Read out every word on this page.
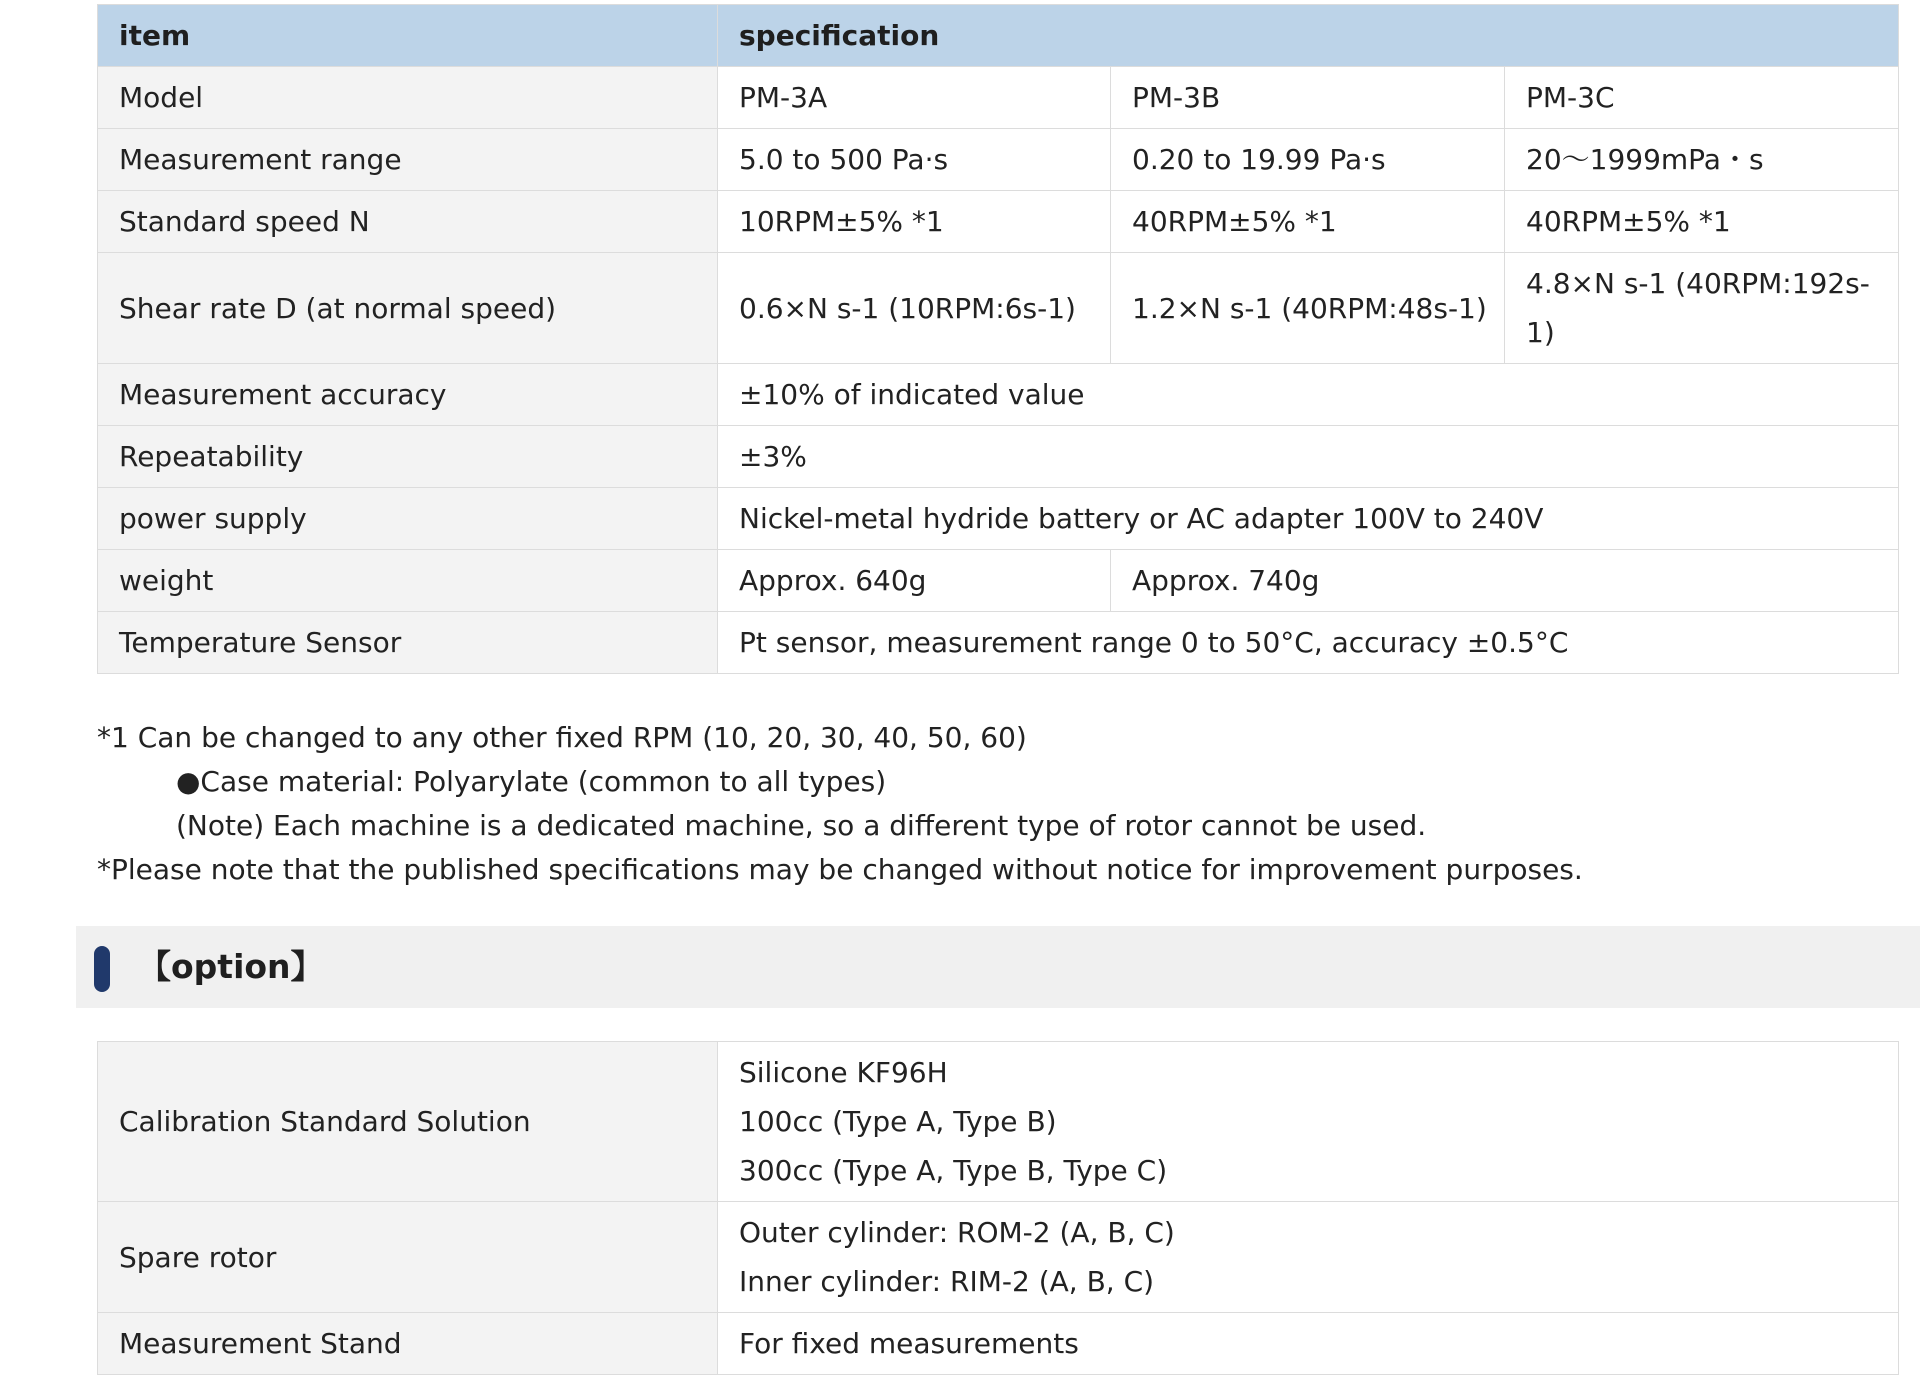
item	specification		
Model	PM-3A	PM-3B	PM-3C
Measurement range	5.0 to 500 Pa·s	0.20 to 19.99 Pa·s	20～1999mPa・s
Standard speed N	10RPM±5% *1	40RPM±5% *1	40RPM±5% *1
Shear rate D (at normal speed)	0.6×N s-1 (10RPM:6s-1)	1.2×N s-1 (40RPM:48s-1)	4.8×N s-1 (40RPM:192s-1)
Measurement accuracy	±10% of indicated value		
Repeatability	±3%		
power supply	Nickel-metal hydride battery or AC adapter 100V to 240V		
weight	Approx. 640g	Approx. 740g	
Temperature Sensor	Pt sensor, measurement range 0 to 50°C, accuracy ±0.5°C		
*1 Can be changed to any other fixed RPM (10, 20, 30, 40, 50, 60)
●Case material: Polyarylate (common to all types)
(Note) Each machine is a dedicated machine, so a different type of rotor cannot be used.
*Please note that the published specifications may be changed without notice for improvement purposes.
【option】
Calibration Standard Solution	Silicone KF96H
100cc (Type A, Type B)
300cc (Type A, Type B, Type C)

Spare rotor	Outer cylinder: ROM-2 (A, B, C)
Inner cylinder: RIM-2 (A, B, C)

Measurement Stand	For fixed measurements
